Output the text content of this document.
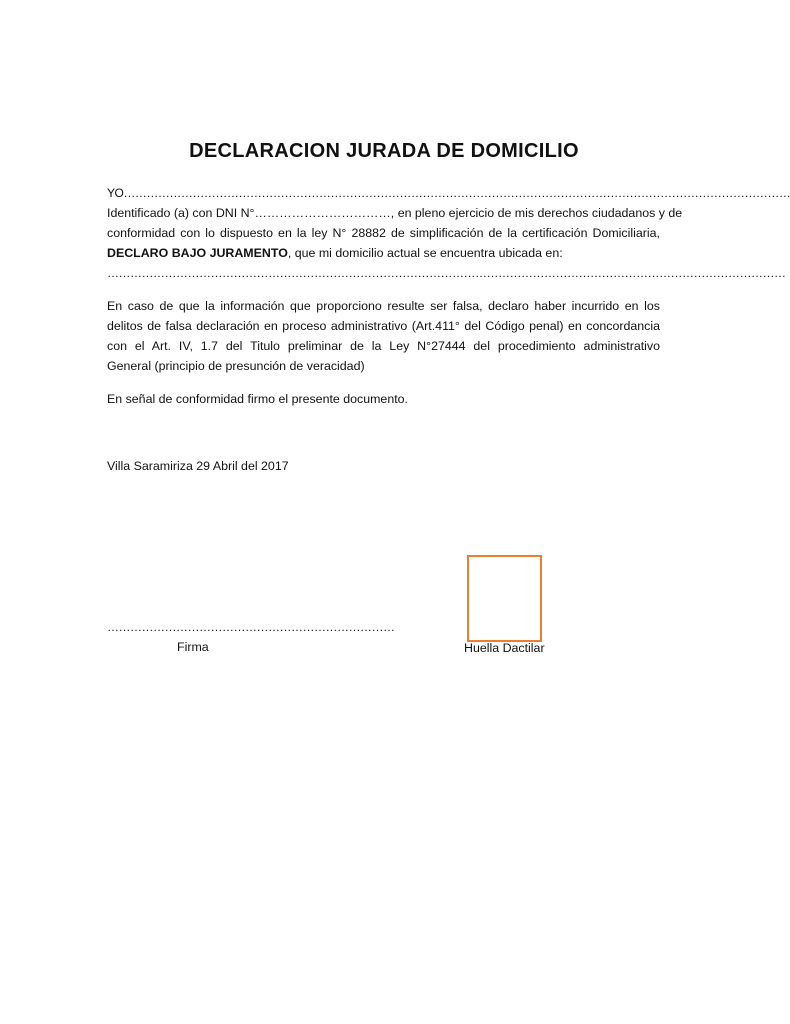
DECLARACION JURADA DE DOMICILIO
YO…………………………………………………………………………………………………………………………………………………………
Identificado (a) con DNI N°……………………………, en pleno ejercicio de mis derechos ciudadanos y de
conformidad con lo dispuesto en la ley N° 28882 de simplificación de la certificación Domiciliaria,
DECLARO BAJO JURAMENTO, que mi domicilio actual se encuentra ubicada en:
……………………………………………………………………………………………………………………………………………………………
En caso de que la información que proporciono resulte ser falsa, declaro haber incurrido en los
delitos de falsa declaración en proceso administrativo (Art.411° del Código penal) en concordancia
con el Art. IV, 1.7 del Titulo preliminar de la Ley N°27444 del procedimiento administrativo
General (principio de presunción de veracidad)
En señal de conformidad firmo el presente documento.
Villa Saramiriza 29 Abril del 2017
…………………………………………………………………
Firma	Huella Dactilar
